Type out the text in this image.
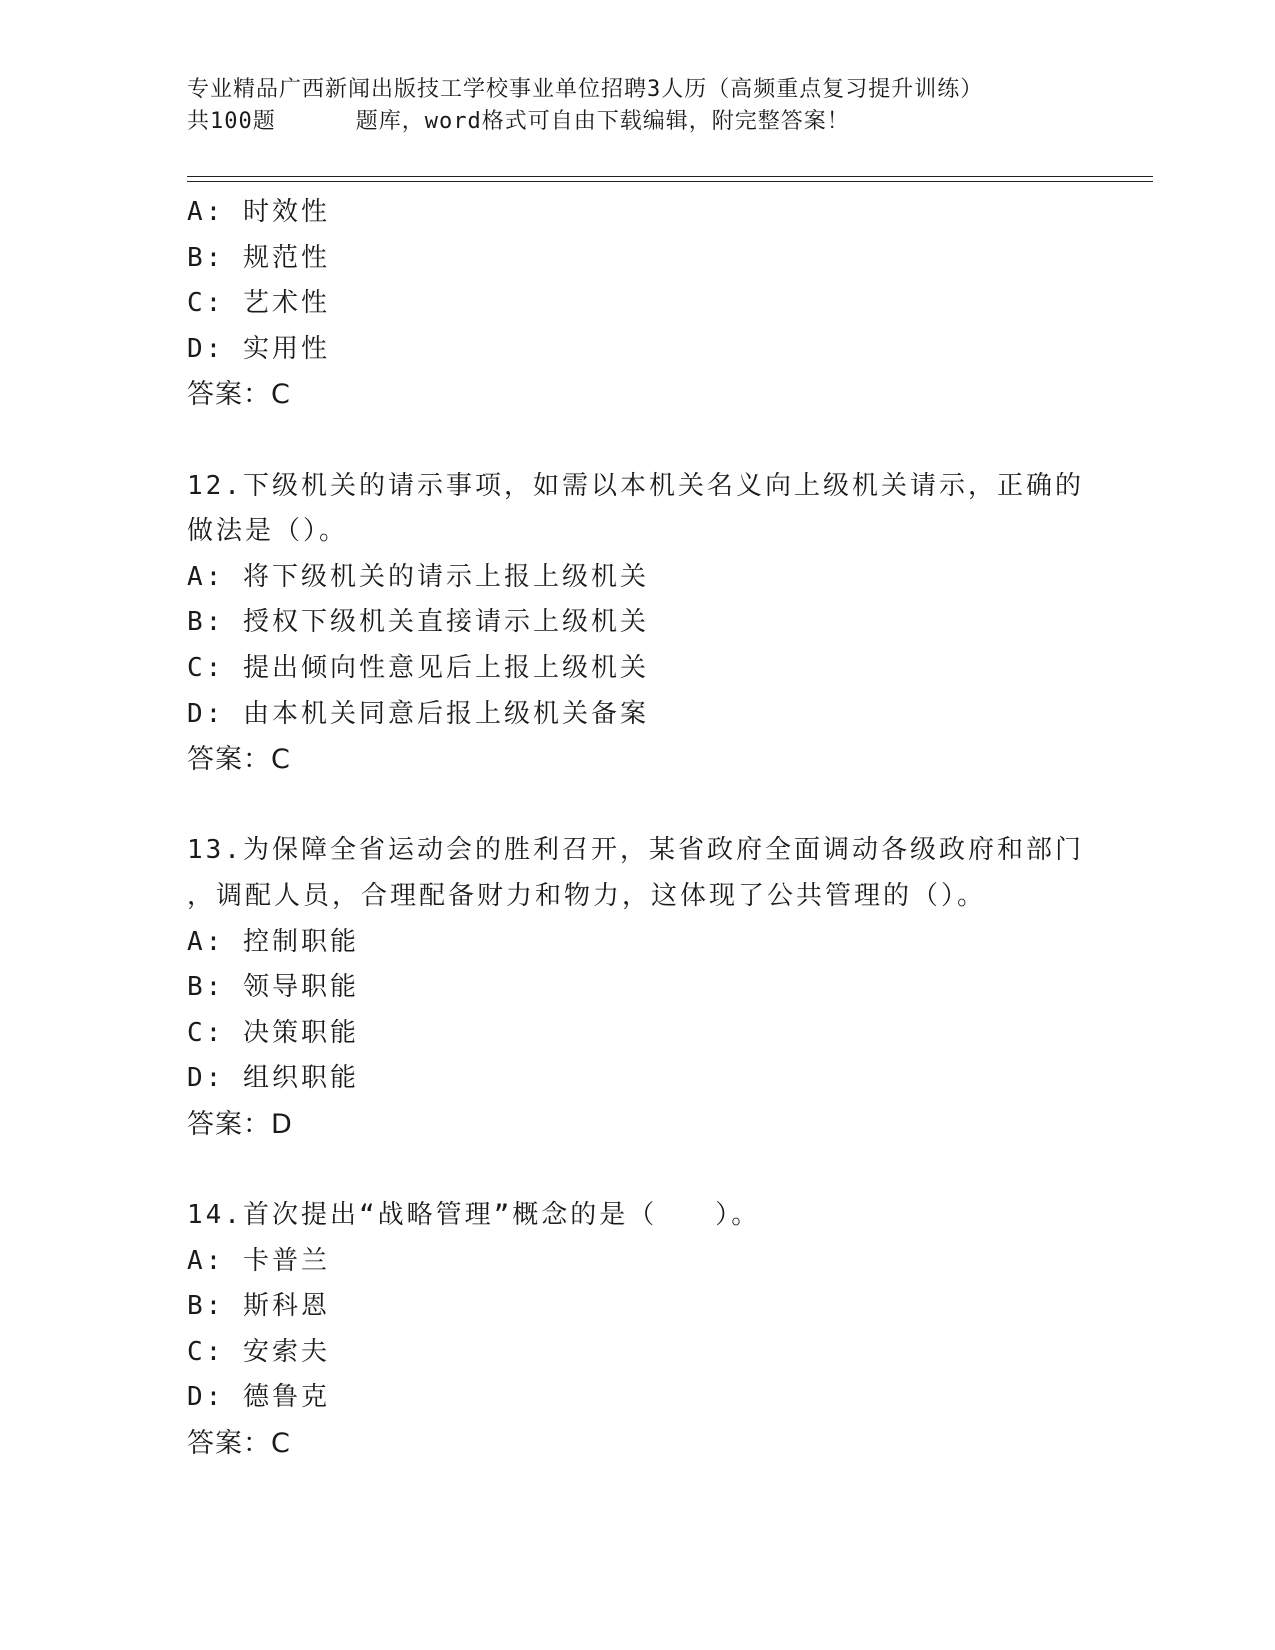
专业精品广西新闻出版技工学校事业单位招聘3人历（高频重点复习提升训练）
共100题	题库，word格式可自由下载编辑，附完整答案！
A: 时效性
B: 规范性
C: 艺术性
D: 实用性
答案：C
12.下级机关的请示事项，如需以本机关名义向上级机关请示，正确的
做法是（）。
A: 将下级机关的请示上报上级机关
B: 授权下级机关直接请示上级机关
C: 提出倾向性意见后上报上级机关
D: 由本机关同意后报上级机关备案
答案：C
13.为保障全省运动会的胜利召开，某省政府全面调动各级政府和部门
，调配人员，合理配备财力和物力，这体现了公共管理的（）。
A: 控制职能
B: 领导职能
C: 决策职能
D: 组织职能
答案：D
14.首次提出“战略管理”概念的是（　　）。
A: 卡普兰
B: 斯科恩
C: 安索夫
D: 德鲁克
答案：C
